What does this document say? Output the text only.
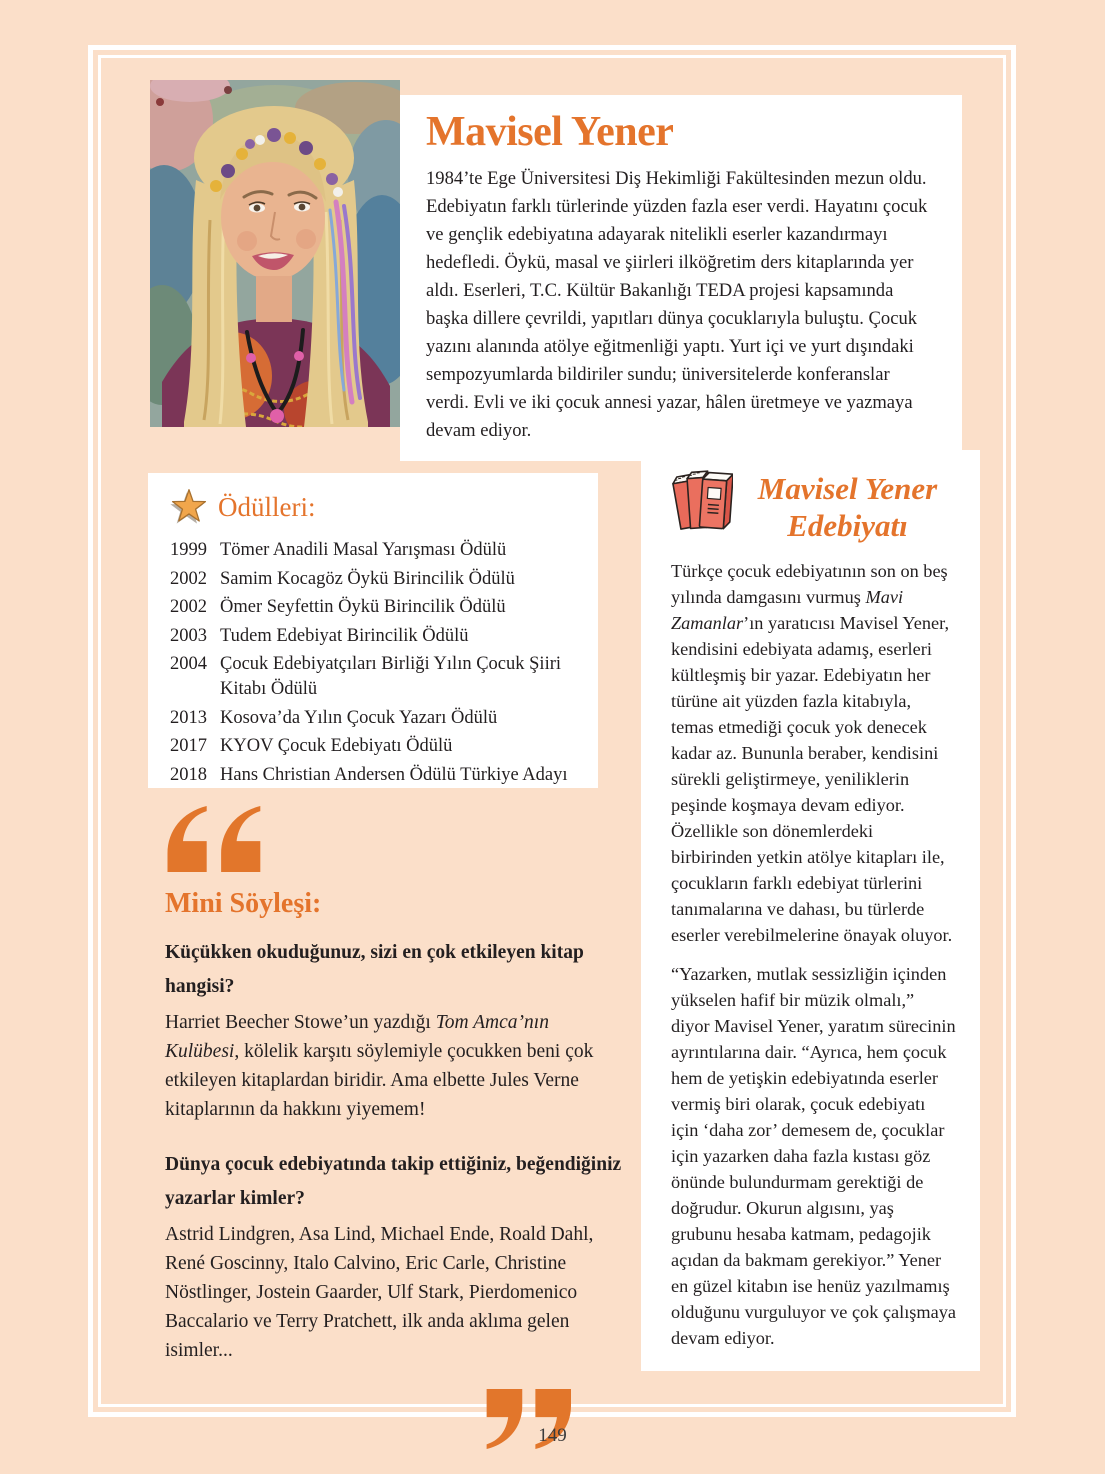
Mavisel Yener

1984’te Ege Üniversitesi Diş Hekimliği Fakültesinden mezun oldu. Edebiyatın farklı türlerinde yüzden fazla eser verdi. Hayatını çocuk ve gençlik edebiyatına adayarak nitelikli eserler kazandırmayı hedefledi. Öykü, masal ve şiirleri ilköğretim ders kitaplarında yer aldı. Eserleri, T.C. Kültür Bakanlığı TEDA projesi kapsamında başka dillere çevrildi, yapıtları dünya çocuklarıyla buluştu. Çocuk yazını alanında atölye eğitmenliği yaptı. Yurt içi ve yurt dışındaki sempozyumlarda bildiriler sundu; üniversitelerde konferanslar verdi. Evli ve iki çocuk annesi yazar, hâlen üretmeye ve yazmaya devam ediyor.

Ödülleri:
1999 Tömer Anadili Masal Yarışması Ödülü
2002 Samim Kocagöz Öykü Birincilik Ödülü
2002 Ömer Seyfettin Öykü Birincilik Ödülü
2003 Tudem Edebiyat Birincilik Ödülü
2004 Çocuk Edebiyatçıları Birliği Yılın Çocuk Şiiri Kitabı Ödülü
2013 Kosova’da Yılın Çocuk Yazarı Ödülü
2017 KYOV Çocuk Edebiyatı Ödülü
2018 Hans Christian Andersen Ödülü Türkiye Adayı
Mini Söyleşi:

Küçükken okuduğunuz, sizi en çok etkileyen kitap hangisi?

Harriet Beecher Stowe’un yazdığı Tom Amca’nın Kulübesi, kölelik karşıtı söylemiyle çocukken beni çok etkileyen kitaplardan biridir. Ama elbette Jules Verne kitaplarının da hakkını yiyemem!

Dünya çocuk edebiyatında takip ettiğiniz, beğendiğiniz yazarlar kimler?

Astrid Lindgren, Asa Lind, Michael Ende, Roald Dahl, René Goscinny, Italo Calvino, Eric Carle, Christine Nöstlinger, Jostein Gaarder, Ulf Stark, Pierdomenico Baccalario ve Terry Pratchett, ilk anda aklıma gelen isimler...

Mavisel Yener
Edebiyatı

Türkçe çocuk edebiyatının son on beş yılında damgasını vurmuş Mavi Zamanlar’ın yaratıcısı Mavisel Yener, kendisini edebiyata adamış, eserleri kültleşmiş bir yazar. Edebiyatın her türüne ait yüzden fazla kitabıyla, temas etmediği çocuk yok denecek kadar az. Bununla beraber, kendisini sürekli geliştirmeye, yeniliklerin peşinde koşmaya devam ediyor. Özellikle son dönemlerdeki birbirinden yetkin atölye kitapları ile, çocukların farklı edebiyat türlerini tanımalarına ve dahası, bu türlerde eserler verebilmelerine önayak oluyor.

“Yazarken, mutlak sessizliğin içinden yükselen hafif bir müzik olmalı,” diyor Mavisel Yener, yaratım sürecinin ayrıntılarına dair. “Ayrıca, hem çocuk hem de yetişkin edebiyatında eserler vermiş biri olarak, çocuk edebiyatı için ‘daha zor’ demesem de, çocuklar için yazarken daha fazla kıstası göz önünde bulundurmam gerektiği de doğrudur. Okurun algısını, yaş grubunu hesaba katmam, pedagojik açıdan da bakmam gerekiyor.” Yener en güzel kitabın ise henüz yazılmamış olduğunu vurguluyor ve çok çalışmaya devam ediyor.

149
